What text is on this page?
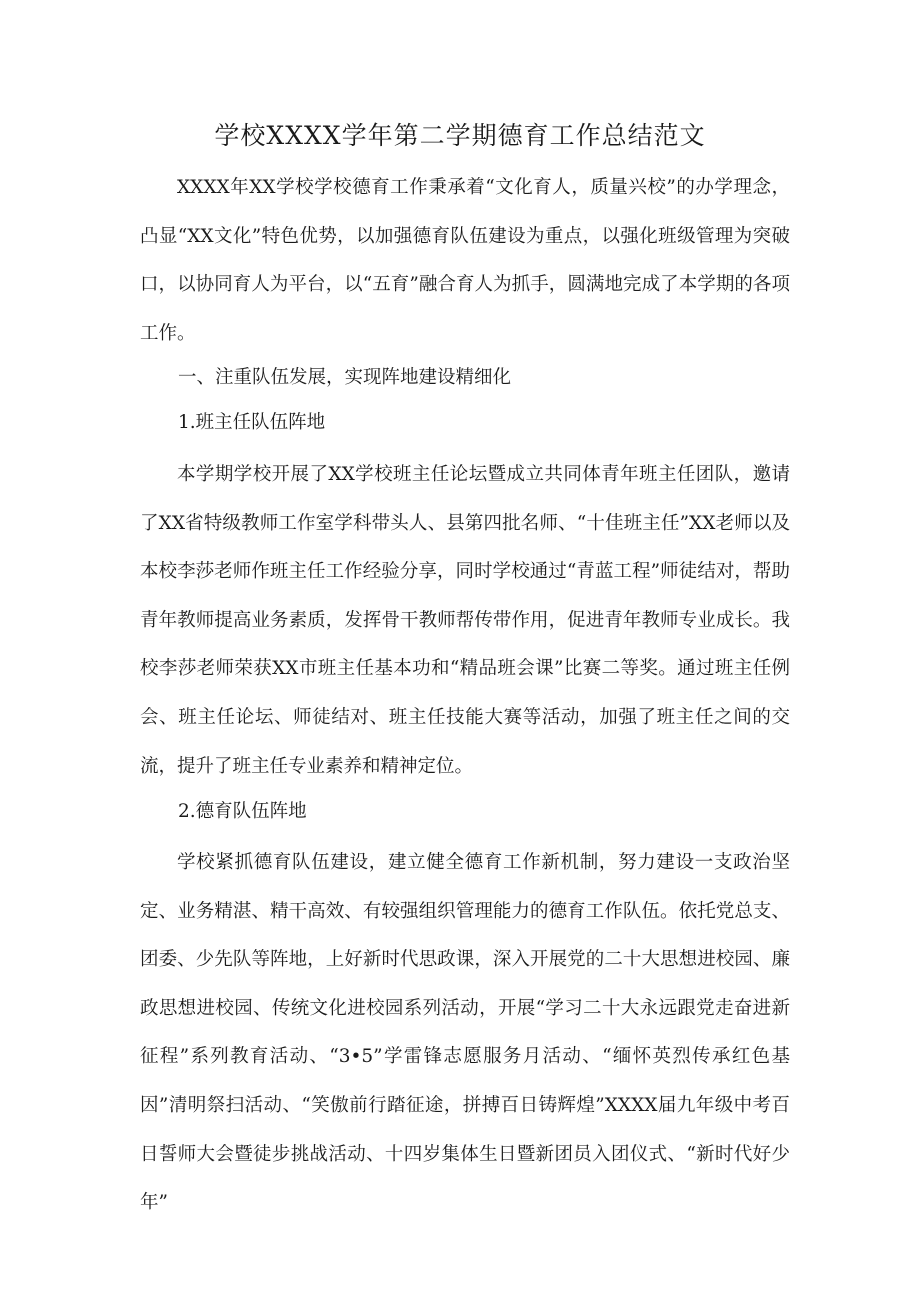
学校XXXX学年第二学期德育工作总结范文

XXXX年XX学校学校德育工作秉承着“文化育人，质量兴校”的办学理念，凸显“XX文化”特色优势，以加强德育队伍建设为重点，以强化班级管理为突破口，以协同育人为平台，以“五育”融合育人为抓手，圆满地完成了本学期的各项工作。

一、注重队伍发展，实现阵地建设精细化

1.班主任队伍阵地

本学期学校开展了XX学校班主任论坛暨成立共同体青年班主任团队，邀请了XX省特级教师工作室学科带头人、县第四批名师、“十佳班主任”XX老师以及本校李莎老师作班主任工作经验分享，同时学校通过“青蓝工程”师徒结对，帮助青年教师提高业务素质，发挥骨干教师帮传带作用，促进青年教师专业成长。我校李莎老师荣获XX市班主任基本功和“精品班会课”比赛二等奖。通过班主任例会、班主任论坛、师徒结对、班主任技能大赛等活动，加强了班主任之间的交流，提升了班主任专业素养和精神定位。

2.德育队伍阵地

学校紧抓德育队伍建设，建立健全德育工作新机制，努力建设一支政治坚定、业务精湛、精干高效、有较强组织管理能力的德育工作队伍。依托党总支、团委、少先队等阵地，上好新时代思政课，深入开展党的二十大思想进校园、廉政思想进校园、传统文化进校园系列活动，开展“学习二十大永远跟党走奋进新征程”系列教育活动、“3•5”学雷锋志愿服务月活动、“缅怀英烈传承红色基因”清明祭扫活动、“笑傲前行踏征途，拼搏百日铸辉煌”XXXX届九年级中考百日誓师大会暨徒步挑战活动、十四岁集体生日暨新团员入团仪式、“新时代好少年”
